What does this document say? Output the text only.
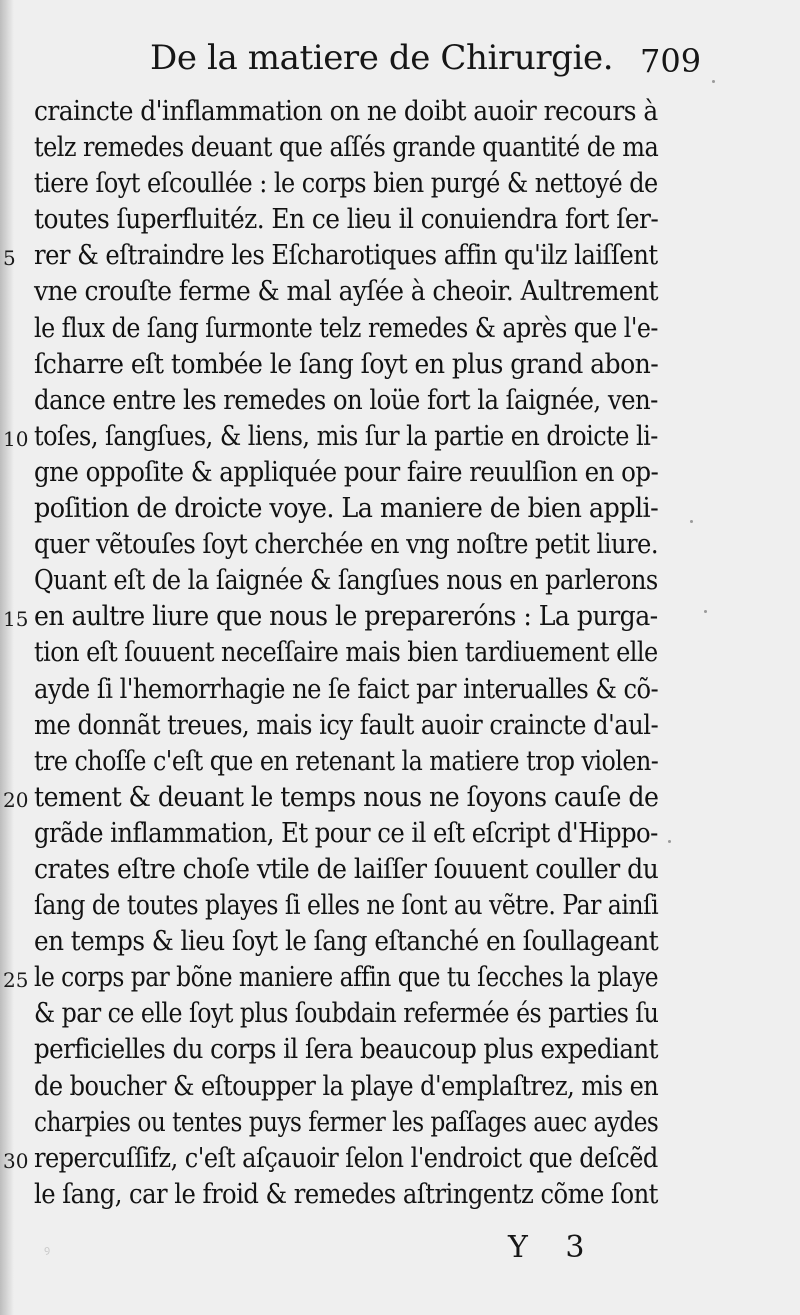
De la matiere de Chirurgie. 709
craincte d'inflammation on ne doibt auoir recours à
telz remedes deuant que aſſés grande quantité de ma
tiere ſoyt eſcoullée : le corps bien purgé & nettoyé de
toutes ſuperfluitéz. En ce lieu il conuiendra fort ſer-
5 rer & eſtraindre les Eſcharotiques affin qu'ilz laiſſent
vne crouſte ferme & mal ayſée à cheoir. Aultrement
le flux de ſang ſurmonte telz remedes & après que l'e-
ſcharre eſt tombée le ſang ſoyt en plus grand abon-
dance entre les remedes on loüe fort la ſaignée, ven-
10 toſes, ſangſues, & liens, mis ſur la partie en droicte li-
gne oppoſite & appliquée pour faire reuulſion en op-
poſition de droicte voye. La maniere de bien appli-
quer vẽtouſes ſoyt cherchée en vng noſtre petit liure.
Quant eſt de la ſaignée & ſangſues nous en parlerons
15 en aultre liure que nous le prepareróns : La purga-
tion eſt ſouuent neceſſaire mais bien tardiuement elle
ayde ſi l'hemorrhagie ne ſe faict par interualles & cõ-
me donnãt treues, mais icy fault auoir craincte d'aul-
tre choſſe c'eſt que en retenant la matiere trop violen-
20 tement & deuant le temps nous ne ſoyons cauſe de
grãde inflammation, Et pour ce il eſt eſcript d'Hippo-
crates eſtre choſe vtile de laiſſer ſouuent couller du
ſang de toutes playes ſi elles ne ſont au vẽtre. Par ainſi
en temps & lieu ſoyt le ſang eſtanché en ſoullageant
25 le corps par bõne maniere affin que tu ſecches la playe
& par ce elle ſoyt plus ſoubdain refermée és parties ſu
perficielles du corps il ſera beaucoup plus expediant
de boucher & eſtoupper la playe d'emplaſtrez, mis en
charpies ou tentes puys fermer les paſſages auec aydes
30 repercuſſifz, c'eſt aſçauoir ſelon l'endroict que deſcẽd
le ſang, car le froid & remedes aſtringentz cõme ſont
ꝰ	Y 3
